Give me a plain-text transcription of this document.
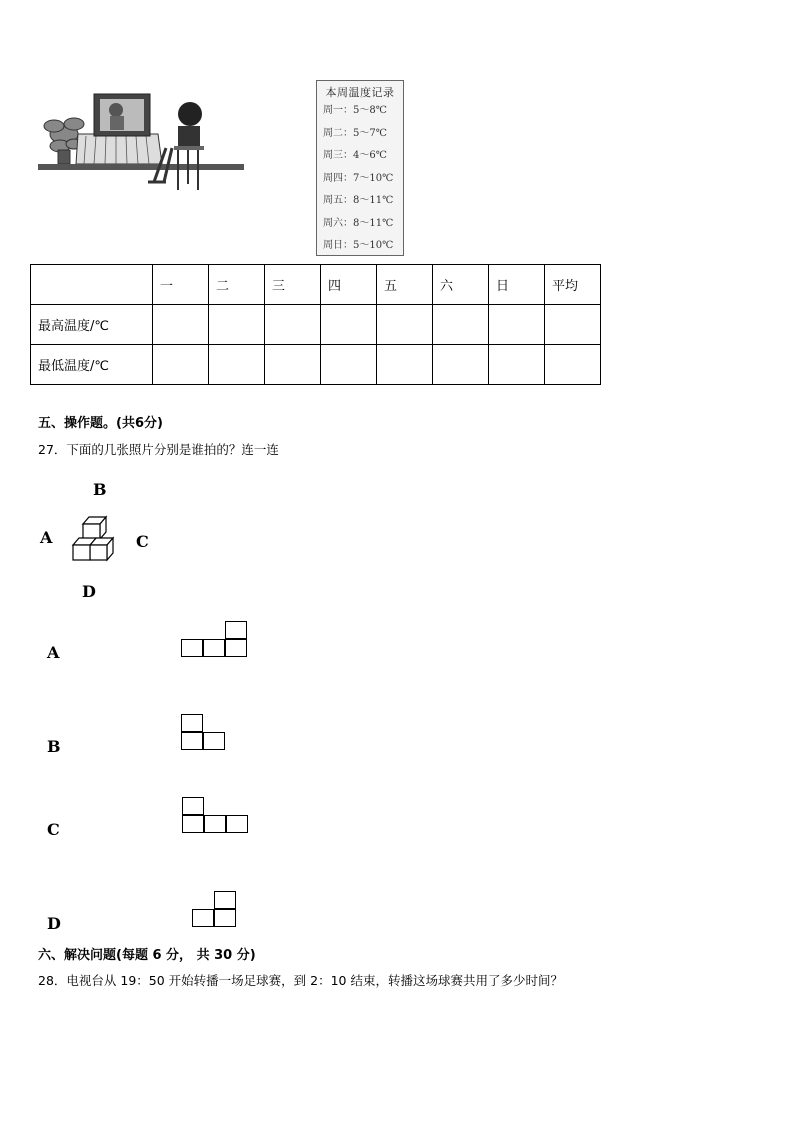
本周温度记录
周一：5～8℃
周二：5～7℃
周三：4～6℃
周四：7～10℃
周五：8～11℃
周六：8～11℃
周日：5～10℃
	一	二	三	四	五	六	日	平均
最高温度/℃								
最低温度/℃								
五、操作题。(共6分)
27．下面的几张照片分别是谁拍的？连一连
B
A	C
D
A
B
C
D
六、解决问题(每题 6 分， 共 30 分)
28．电视台从 19：50 开始转播一场足球赛，到 2：10 结束，转播这场球赛共用了多少时间？
